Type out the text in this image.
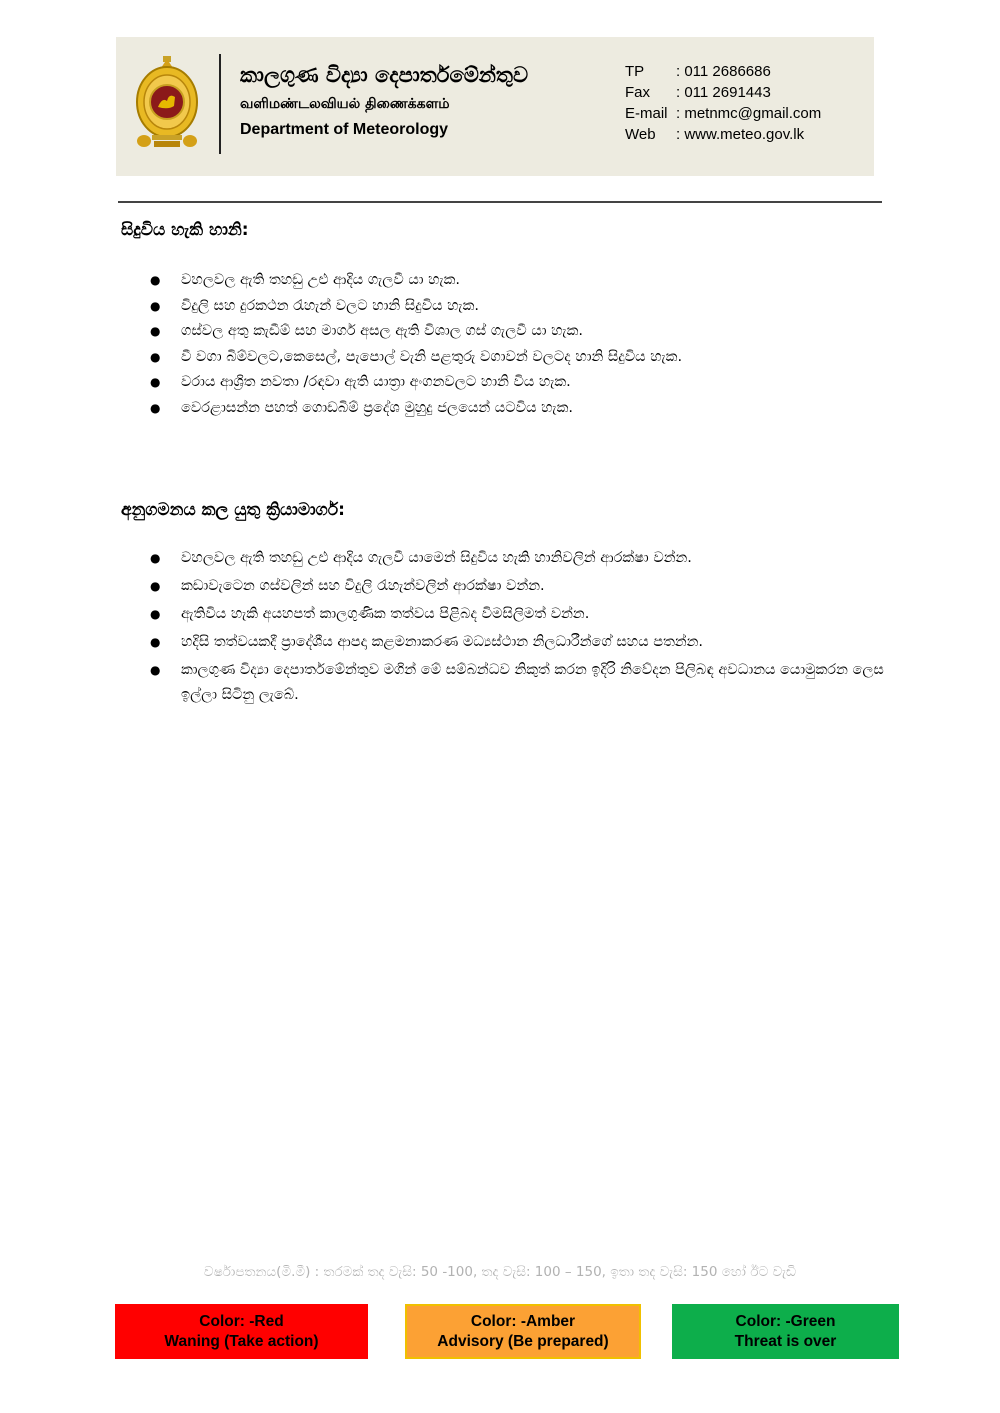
කාලගුණ විද්‍යා දෙපාර්තමේන්තුව
வளிமண்டலவியல் திணைக்களம்
Department of Meteorology
TP	: 011 2686686
Fax	: 011 2691443
E-mail : metnmc@gmail.com
Web	: www.meteo.gov.lk
සිදුවිය හැකි හානි:
● වහලවල ඇති තහඩු උළු ආදිය ගැලවී යා හැක.
● විදුලි සහ දුරකථන රැහැන් වලට හානි සිදුවිය හැක.
● ගස්වල අතු කැඩීම් සහ මාර්ග අසල ඇති විශාල ගස් ගැලවී යා හැක.
● වී වගා බිම්වලට,කෙසෙල්, පැපොල් වැනි පළතුරු වගාවන් වලටද හානි සිදුවිය හැක.
● වරාය ආශ්‍රිත නවතා /රඳවා ඇති යාත්‍රා අංගනවලට හානි විය හැක.
● වෙරළාසන්න පහත් ගොඩබිම් ප්‍රදේශ මුහුදු ජලයෙන් යටවිය හැක.
අනුගමනය කල යුතු ක්‍රියාමාර්ග:
● වහලවල ඇති තහඩු උළු ආදිය ගැලවී යාමෙන් සිදුවිය හැකි හානිවලින් ආරක්ෂා වන්න.
● කඩාවැටෙන ගස්වලින් සහ විදුලි රැහැන්වලින් ආරක්ෂා වන්න.
● ඇතිවිය හැකි අයහපත් කාලගුණික තත්වය පිළිබද විමසිලිමත් වන්න.
● හදිසි තත්වයකදී ප්‍රාදේශීය ආපදා කළමනාකරණ මධ්‍යස්ථාන නිලධාරීන්ගේ සහය පතන්න.
● කාලගුණ විද්‍යා දෙපාර්තමේන්තුව මගින් මේ සම්බන්ධව නිකුත් කරන ඉදිරි නිවේදන පිලිබඳ අවධානය යොමුකරන ලෙස ඉල්ලා සිටිනු ලැබේ.
වර්ෂාපතනය(මි.මී) : තරමක් තද වැසි: 50 -100, තද වැසි: 100 – 150, ඉතා තද වැසි: 150 හෝ ඊට වැඩි
Color: -Red
Waning (Take action)
Color: -Amber
Advisory (Be prepared)
Color: -Green
Threat is over
